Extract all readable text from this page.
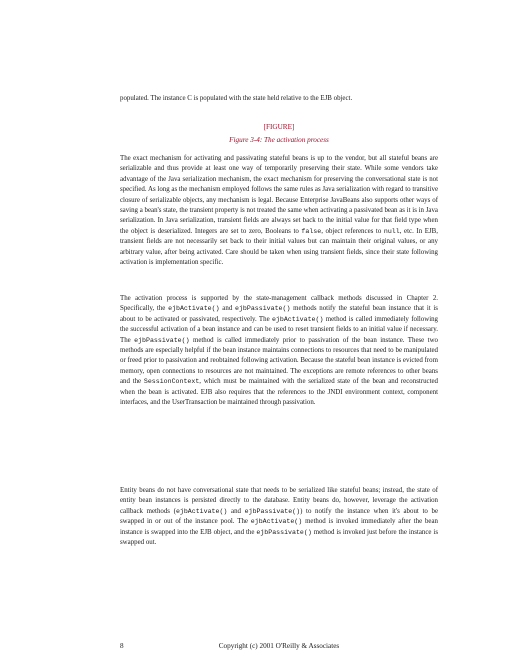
populated. The instance C is populated with the state held relative to the EJB object.

[FIGURE]
Figure 3-4: The activation process

The exact mechanism for activating and passivating stateful beans is up to the vendor, but all stateful beans are serializable and thus provide at least one way of temporarily preserving their state. While some vendors take advantage of the Java serialization mechanism, the exact mechanism for preserving the conversational state is not specified. As long as the mechanism employed follows the same rules as Java serialization with regard to transitive closure of serializable objects, any mechanism is legal. Because Enterprise JavaBeans also supports other ways of saving a bean's state, the transient property is not treated the same when activating a passivated bean as it is in Java serialization. In Java serialization, transient fields are always set back to the initial value for that field type when the object is deserialized. Integers are set to zero, Booleans to false, object references to null, etc. In EJB, transient fields are not necessarily set back to their initial values but can maintain their original values, or any arbitrary value, after being activated. Care should be taken when using transient fields, since their state following activation is implementation specific.

The activation process is supported by the state-management callback methods discussed in Chapter 2. Specifically, the ejbActivate() and ejbPassivate() methods notify the stateful bean instance that it is about to be activated or passivated, respectively. The ejbActivate() method is called immediately following the successful activation of a bean instance and can be used to reset transient fields to an initial value if necessary. The ejbPassivate() method is called immediately prior to passivation of the bean instance. These two methods are especially helpful if the bean instance maintains connections to resources that need to be manipulated or freed prior to passivation and reobtained following activation. Because the stateful bean instance is evicted from memory, open connections to resources are not maintained. The exceptions are remote references to other beans and the SessionContext, which must be maintained with the serialized state of the bean and reconstructed when the bean is activated. EJB also requires that the references to the JNDI environment context, component interfaces, and the UserTransaction be maintained through passivation.

Entity beans do not have conversational state that needs to be serialized like stateful beans; instead, the state of entity bean instances is persisted directly to the database. Entity beans do, however, leverage the activation callback methods (ejbActivate() and ejbPassivate()) to notify the instance when it's about to be swapped in or out of the instance pool. The ejbActivate() method is invoked immediately after the bean instance is swapped into the EJB object, and the ejbPassivate() method is invoked just before the instance is swapped out.

8	Copyright (c) 2001 O'Reilly & Associates
